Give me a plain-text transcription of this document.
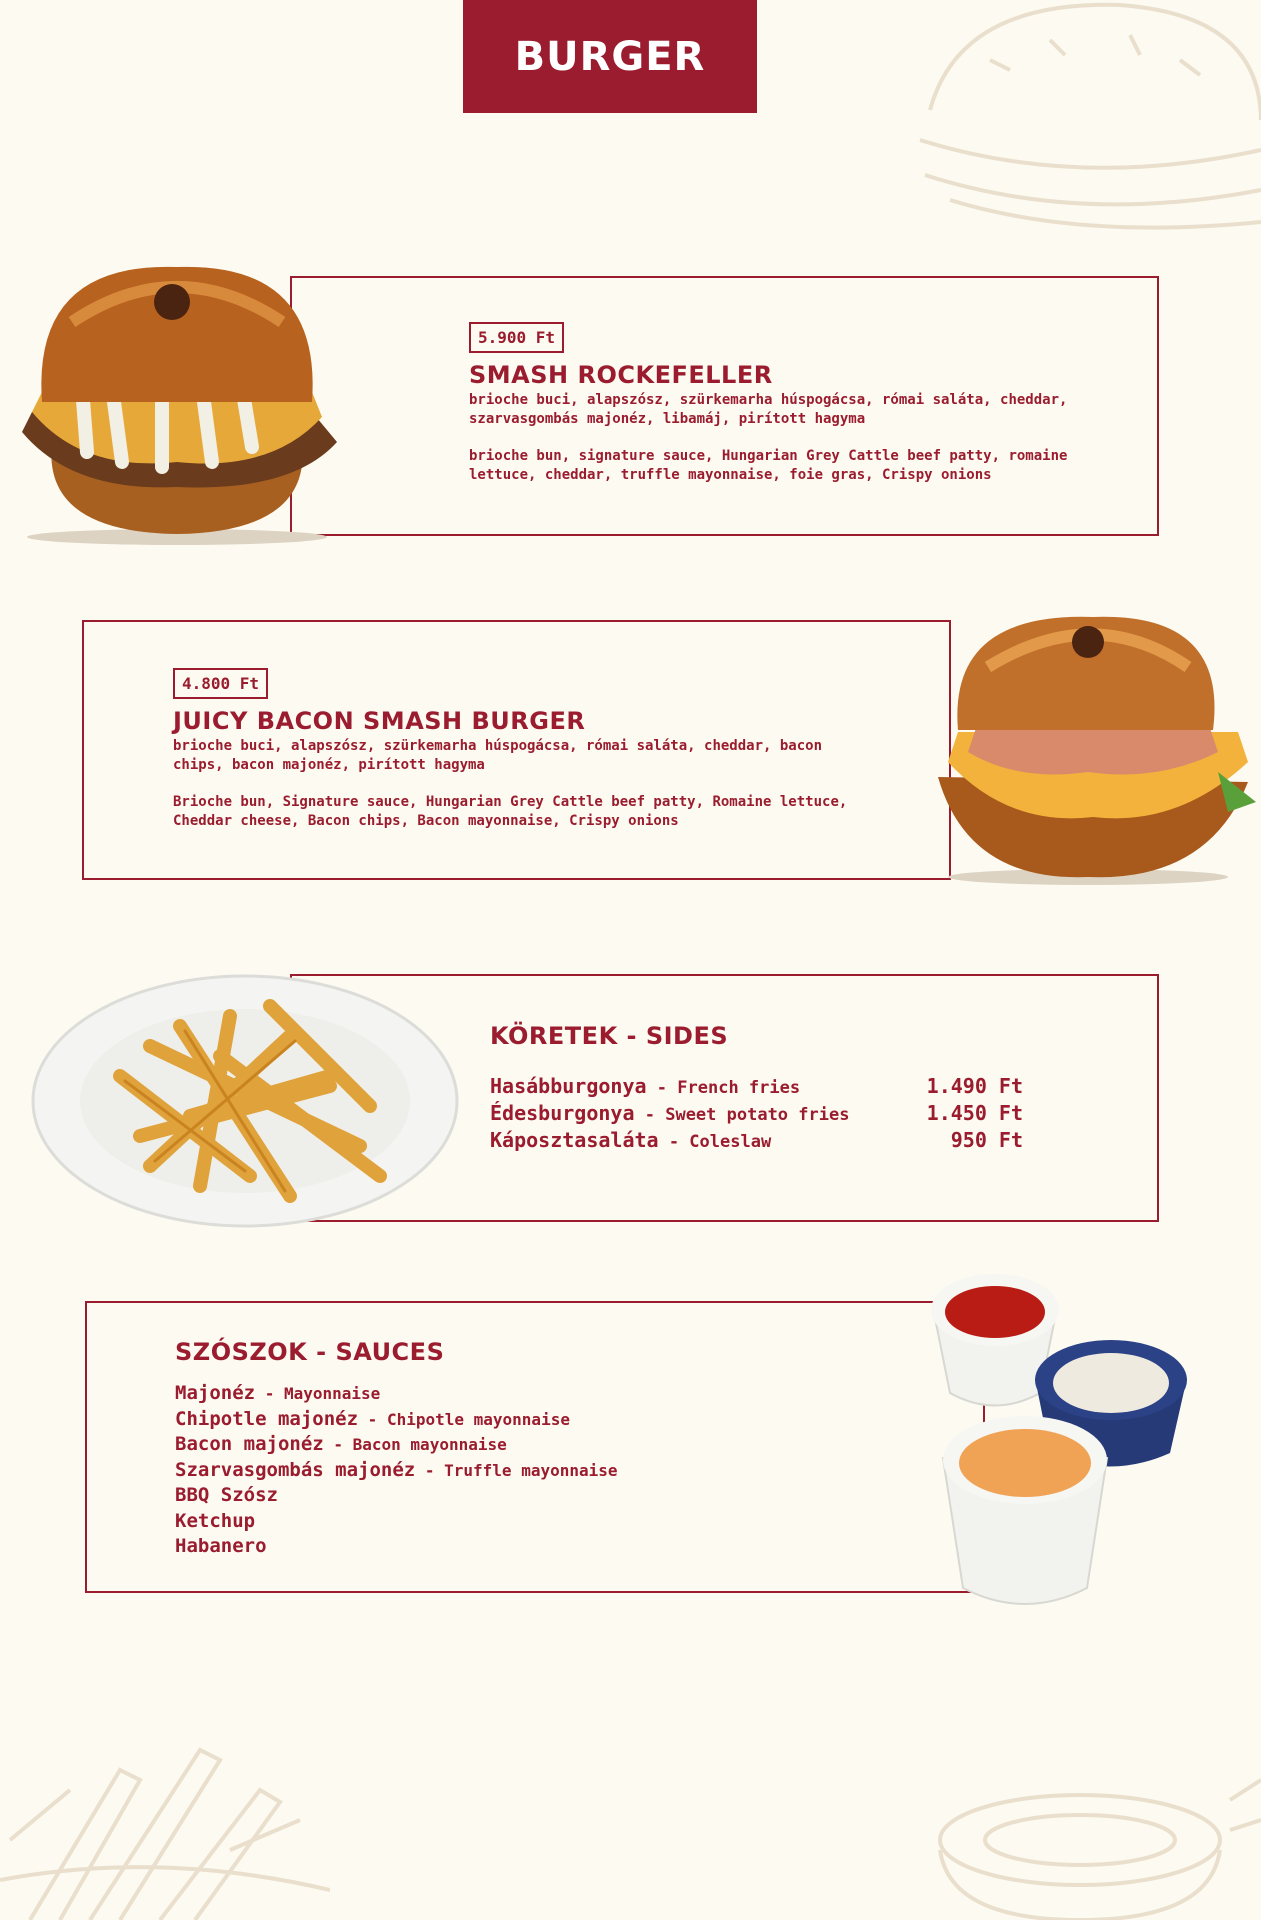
BURGER
5.900 Ft
SMASH ROCKEFELLER

brioche buci, alapszósz, szürkemarha húspogácsa, római saláta, cheddar, szarvasgombás majonéz, libamáj, pirított hagyma

brioche bun, signature sauce, Hungarian Grey Cattle beef patty, romaine lettuce, cheddar, truffle mayonnaise, foie gras, Crispy onions

4.800 Ft
JUICY BACON SMASH BURGER

brioche buci, alapszósz, szürkemarha húspogácsa, római saláta, cheddar, bacon chips, bacon majonéz, pirított hagyma

Brioche bun, Signature sauce, Hungarian Grey Cattle beef patty, Romaine lettuce, Cheddar cheese, Bacon chips, Bacon mayonnaise, Crispy onions

KÖRETEK - SIDES
Hasábburgonya - French fries	1.490 Ft
Édesburgonya - Sweet potato fries	1.450 Ft
Káposztasaláta - Coleslaw	950 Ft
SZÓSZOK - SAUCES
Majonéz - Mayonnaise
Chipotle majonéz - Chipotle mayonnaise
Bacon majonéz - Bacon mayonnaise
Szarvasgombás majonéz - Truffle mayonnaise
BBQ Szósz
Ketchup
Habanero
